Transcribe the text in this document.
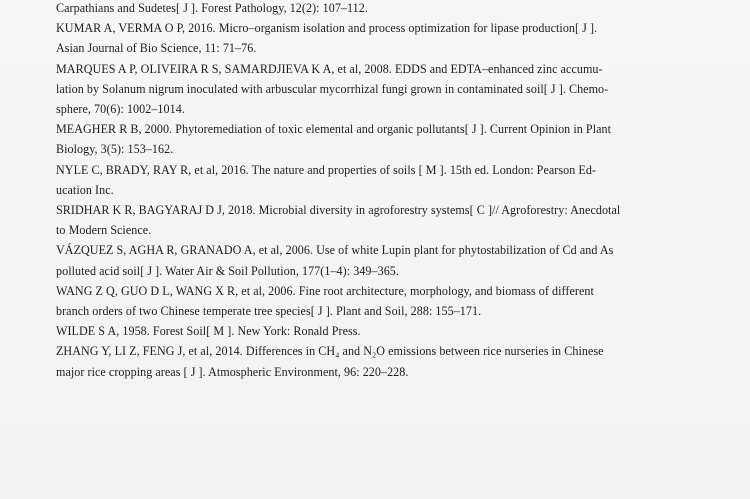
Carpathians and Sudetes[ J ]. Forest Pathology, 12(2): 107–112.

KUMAR A, VERMA O P, 2016. Micro–organism isolation and process optimization for lipase production[ J ].
Asian Journal of Bio Science, 11: 71–76.

MARQUES A P, OLIVEIRA R S, SAMARDJIEVA K A, et al, 2008. EDDS and EDTA–enhanced zinc accumu-
lation by Solanum nigrum inoculated with arbuscular mycorrhizal fungi grown in contaminated soil[ J ]. Chemo-
sphere, 70(6): 1002–1014.

MEAGHER R B, 2000. Phytoremediation of toxic elemental and organic pollutants[ J ]. Current Opinion in Plant
Biology, 3(5): 153–162.

NYLE C, BRADY, RAY R, et al, 2016. The nature and properties of soils [ M ]. 15th ed. London: Pearson Ed-
ucation Inc.

SRIDHAR K R, BAGYARAJ D J, 2018. Microbial diversity in agroforestry systems[ C ]// Agroforestry: Anecdotal
to Modern Science.

VÁZQUEZ S, AGHA R, GRANADO A, et al, 2006. Use of white Lupin plant for phytostabilization of Cd and As
polluted acid soil[ J ]. Water Air & Soil Pollution, 177(1–4): 349–365.

WANG Z Q, GUO D L, WANG X R, et al, 2006. Fine root architecture, morphology, and biomass of different
branch orders of two Chinese temperate tree species[ J ]. Plant and Soil, 288: 155–171.

WILDE S A, 1958. Forest Soil[ M ]. New York: Ronald Press.

ZHANG Y, LI Z, FENG J, et al, 2014. Differences in CH₄ and N₂O emissions between rice nurseries in Chinese
major rice cropping areas [ J ]. Atmospheric Environment, 96: 220–228.
